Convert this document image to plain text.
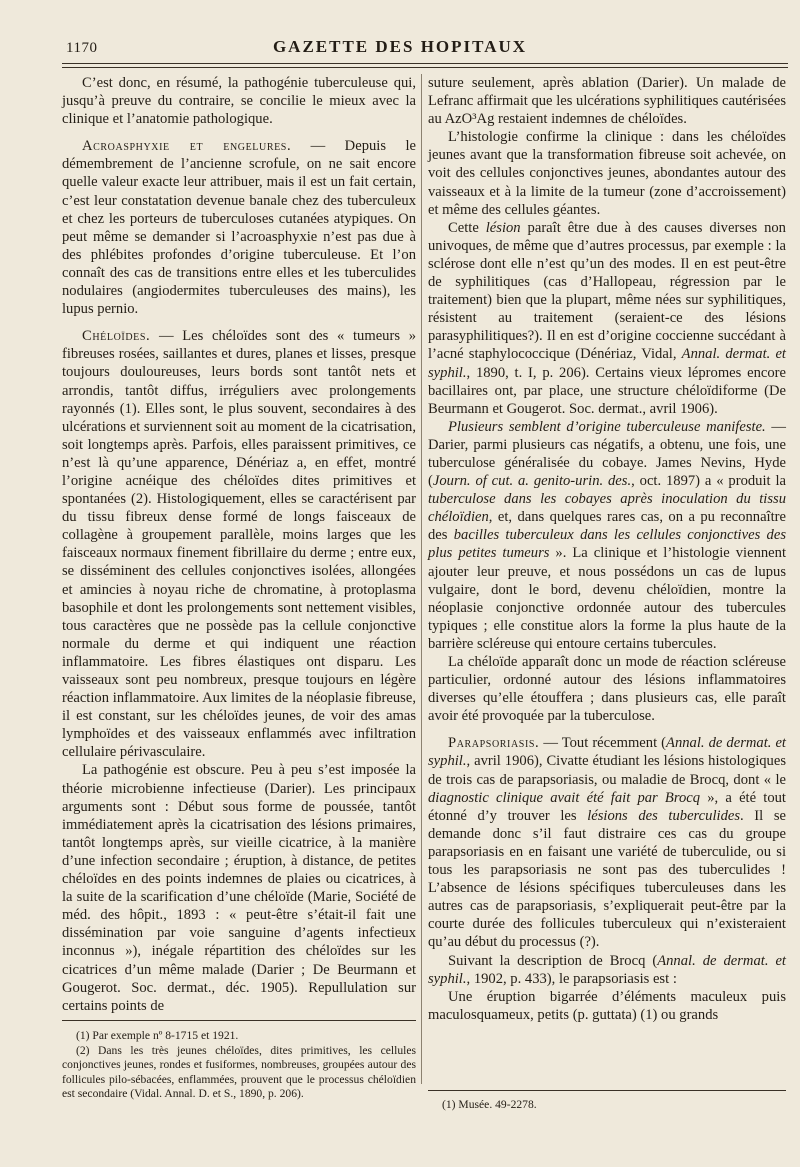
1170	GAZETTE DES HOPITAUX

C’est donc, en résumé, la pathogénie tuberculeuse qui, jusqu’à preuve du contraire, se concilie le mieux avec la clinique et l’anatomie pathologique.

Acroasphyxie et engelures. — Depuis le démembrement de l’ancienne scrofule, on ne sait encore quelle valeur exacte leur attribuer, mais il est un fait certain, c’est leur constatation devenue banale chez des tuberculeux et chez les porteurs de tuberculoses cutanées atypiques. On peut même se demander si l’acroasphyxie n’est pas due à des phlébites profondes d’origine tuberculeuse. Et l’on connaît des cas de transitions entre elles et les tuberculides nodulaires (angiodermites tuberculeuses des mains), les lupus pernio.

Chéloïdes. — Les chéloïdes sont des « tumeurs » fibreuses rosées, saillantes et dures, planes et lisses, presque toujours douloureuses, leurs bords sont tantôt nets et arrondis, tantôt diffus, irréguliers avec prolongements rayonnés (1). Elles sont, le plus souvent, secondaires à des ulcérations et surviennent soit au moment de la cicatrisation, soit longtemps après. Parfois, elles paraissent primitives, ce n’est là qu’une apparence, Dénériaz a, en effet, montré l’origine acnéique des chéloïdes dites primitives et spontanées (2). Histologiquement, elles se caractérisent par du tissu fibreux dense formé de longs faisceaux de collagène à groupement parallèle, moins larges que les faisceaux normaux finement fibrillaire du derme ; entre eux, se disséminent des cellules conjonctives isolées, allongées et amincies à noyau riche de chromatine, à protoplasma basophile et dont les prolongements sont nettement visibles, tous caractères que ne possède pas la cellule conjonctive normale du derme et qui indiquent une réaction inflammatoire. Les fibres élastiques ont disparu. Les vaisseaux sont peu nombreux, presque toujours en légère réaction inflammatoire. Aux limites de la néoplasie fibreuse, il est constant, sur les chéloïdes jeunes, de voir des amas lymphoïdes et des vaisseaux enflammés avec infiltration cellulaire périvasculaire.

La pathogénie est obscure. Peu à peu s’est imposée la théorie microbienne infectieuse (Darier). Les principaux arguments sont : Début sous forme de poussée, tantôt immédiatement après la cicatrisation des lésions primaires, tantôt longtemps après, sur vieille cicatrice, à la manière d’une infection secondaire ; éruption, à distance, de petites chéloïdes en des points indemnes de plaies ou cicatrices, à la suite de la scarification d’une chéloïde (Marie, Société de méd. des hôpit., 1893 : « peut-être s’était-il fait une dissémination par voie sanguine d’agents infectieux inconnus »), inégale répartition des chéloïdes sur les cicatrices d’un même malade (Darier ; De Beurmann et Gougerot. Soc. dermat., déc. 1905). Repullulation sur certains points de

(1) Par exemple nº 8-1715 et 1921.

(2) Dans les très jeunes chéloïdes, dites primitives, les cellules conjonctives jeunes, rondes et fusiformes, nombreuses, groupées autour des follicules pilo-sébacées, enflammées, prouvent que le processus chéloïdien est secondaire (Vidal. Annal. D. et S., 1890, p. 206).

suture seulement, après ablation (Darier). Un malade de Lefranc affirmait que les ulcérations syphilitiques cautérisées au AzO³Ag restaient indemnes de chéloïdes.

L’histologie confirme la clinique : dans les chéloïdes jeunes avant que la transformation fibreuse soit achevée, on voit des cellules conjonctives jeunes, abondantes autour des vaisseaux et à la limite de la tumeur (zone d’accroissement) et même des cellules géantes.

Cette lésion paraît être due à des causes diverses non univoques, de même que d’autres processus, par exemple : la sclérose dont elle n’est qu’un des modes. Il en est peut-être de syphilitiques (cas d’Hallopeau, régression par le traitement) bien que la plupart, même nées sur syphilitiques, résistent au traitement (seraient-ce des lésions parasyphilitiques?). Il en est d’origine coccienne succédant à l’acné staphylococcique (Dénériaz, Vidal, Annal. dermat. et syphil., 1890, t. I, p. 206). Certains vieux lépromes encore bacillaires ont, par place, une structure chéloïdiforme (De Beurmann et Gougerot. Soc. dermat., avril 1906).

Plusieurs semblent d’origine tuberculeuse manifeste. — Darier, parmi plusieurs cas négatifs, a obtenu, une fois, une tuberculose généralisée du cobaye. James Nevins, Hyde (Journ. of cut. a. genito-urin. des., oct. 1897) a « produit la tuberculose dans les cobayes après inoculation du tissu chéloïdien, et, dans quelques rares cas, on a pu reconnaître des bacilles tuberculeux dans les cellules conjonctives des plus petites tumeurs ». La clinique et l’histologie viennent ajouter leur preuve, et nous possédons un cas de lupus vulgaire, dont le bord, devenu chéloïdien, montre la néoplasie conjonctive ordonnée autour des tubercules typiques ; elle constitue alors la forme la plus haute de la barrière scléreuse qui entoure certains tubercules.

La chéloïde apparaît donc un mode de réaction scléreuse particulier, ordonné autour des lésions inflammatoires diverses qu’elle étouffera ; dans plusieurs cas, elle paraît avoir été provoquée par la tuberculose.

Parapsoriasis. — Tout récemment (Annal. de dermat. et syphil., avril 1906), Civatte étudiant les lésions histologiques de trois cas de parapsoriasis, ou maladie de Brocq, dont « le diagnostic clinique avait été fait par Brocq », a été tout étonné d’y trouver les lésions des tuberculides. Il se demande donc s’il faut distraire ces cas du groupe parapsoriasis en en faisant une variété de tuberculide, ou si tous les parapsoriasis ne sont pas des tuberculides ! L’absence de lésions spécifiques tuberculeuses dans les autres cas de parapsoriasis, s’expliquerait peut-être par la courte durée des follicules tuberculeux qui n’existeraient qu’au début du processus (?).

Suivant la description de Brocq (Annal. de dermat. et syphil., 1902, p. 433), le parapsoriasis est :

Une éruption bigarrée d’éléments maculeux puis maculosquameux, petits (p. guttata) (1) ou grands

(1) Musée. 49-2278.
